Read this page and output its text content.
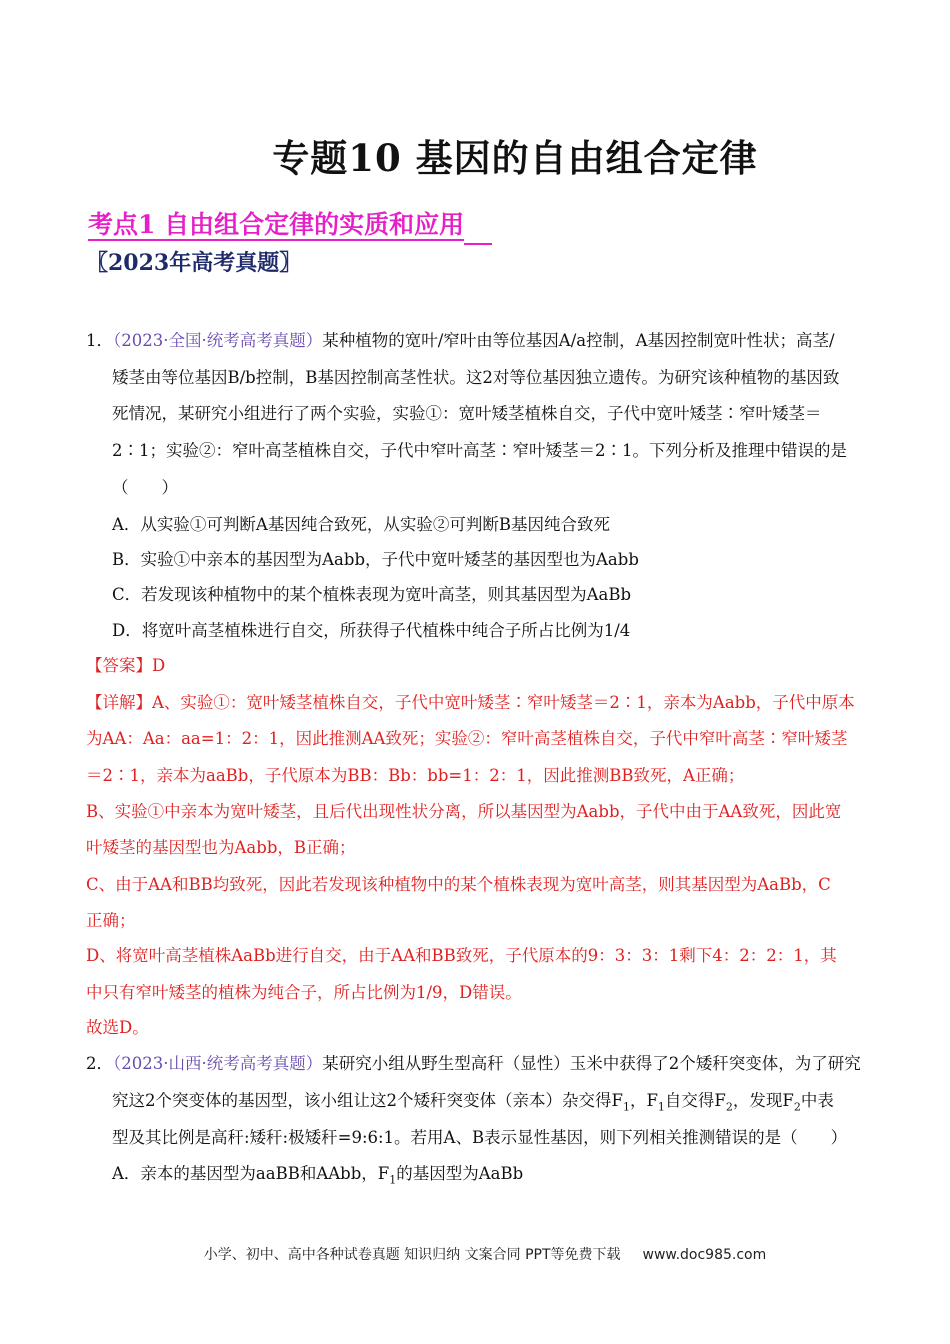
专题10 基因的自由组合定律
考点1 自由组合定律的实质和应用
〖2023年高考真题〗
1．（2023·全国·统考高考真题）某种植物的宽叶/窄叶由等位基因A/a控制，A基因控制宽叶性状；高茎/
矮茎由等位基因B/b控制，B基因控制高茎性状。这2对等位基因独立遗传。为研究该种植物的基因致
死情况，某研究小组进行了两个实验，实验①：宽叶矮茎植株自交，子代中宽叶矮茎∶窄叶矮茎＝
2∶1；实验②：窄叶高茎植株自交，子代中窄叶高茎∶窄叶矮茎＝2∶1。下列分析及推理中错误的是
（　　）
A．从实验①可判断A基因纯合致死，从实验②可判断B基因纯合致死
B．实验①中亲本的基因型为Aabb，子代中宽叶矮茎的基因型也为Aabb
C．若发现该种植物中的某个植株表现为宽叶高茎，则其基因型为AaBb
D．将宽叶高茎植株进行自交，所获得子代植株中纯合子所占比例为1/4
【答案】D
【详解】A、实验①：宽叶矮茎植株自交，子代中宽叶矮茎∶窄叶矮茎＝2∶1，亲本为Aabb，子代中原本
为AA：Aa：aa=1：2：1，因此推测AA致死；实验②：窄叶高茎植株自交，子代中窄叶高茎∶窄叶矮茎
＝2∶1，亲本为aaBb，子代原本为BB：Bb：bb=1：2：1，因此推测BB致死，A正确；
B、实验①中亲本为宽叶矮茎，且后代出现性状分离，所以基因型为Aabb，子代中由于AA致死，因此宽
叶矮茎的基因型也为Aabb，B正确；
C、由于AA和BB均致死，因此若发现该种植物中的某个植株表现为宽叶高茎，则其基因型为AaBb，C
正确；
D、将宽叶高茎植株AaBb进行自交，由于AA和BB致死，子代原本的9：3：3：1剩下4：2：2：1，其
中只有窄叶矮茎的植株为纯合子，所占比例为1/9，D错误。
故选D。
2．（2023·山西·统考高考真题）某研究小组从野生型高秆（显性）玉米中获得了2个矮秆突变体，为了研究
究这2个突变体的基因型，该小组让这2个矮秆突变体（亲本）杂交得$F_1$，$F_1$自交得$F_2$，发现$F_2$中表
型及其比例是高秆:矮秆:极矮秆=9:6:1。若用A、B表示显性基因，则下列相关推测错误的是（　　）
A．亲本的基因型为aaBB和AAbb，$F_1$的基因型为AaBb
小学、初中、高中各种试卷真题 知识归纳 文案合同 PPT等免费下载 www.doc985.com
